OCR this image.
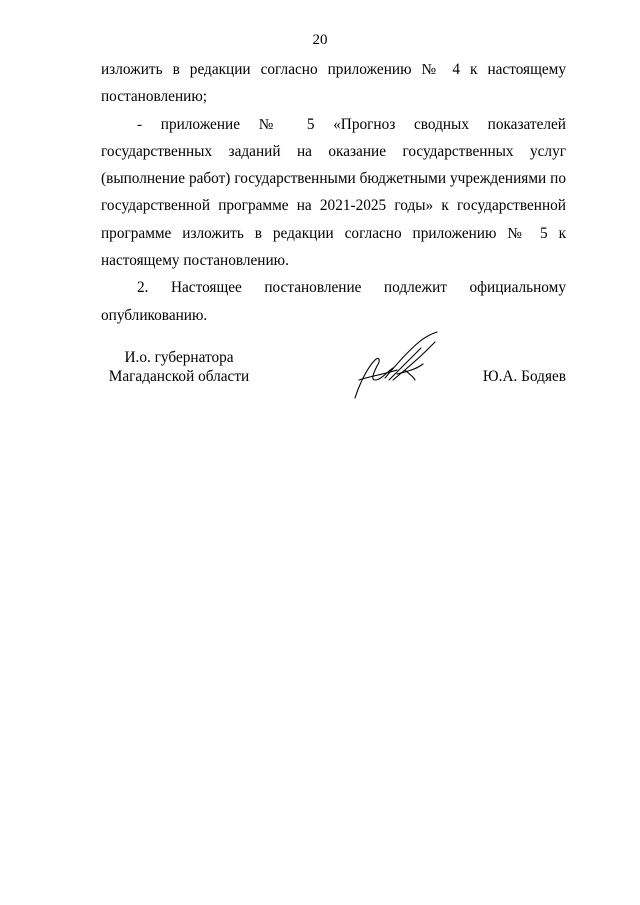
20

изложить в редакции согласно приложению № 4 к настоящему постановлению;

- приложение № 5 «Прогноз сводных показателей государственных заданий на оказание государственных услуг (выполнение работ) государственными бюджетными учреждениями по государственной программе на 2021-2025 годы» к государственной программе изложить в редакции согласно приложению № 5 к настоящему постановлению.

2. Настоящее постановление подлежит официальному опубликованию.

И.о. губернатора
Магаданской области	Ю.А. Бодяев
